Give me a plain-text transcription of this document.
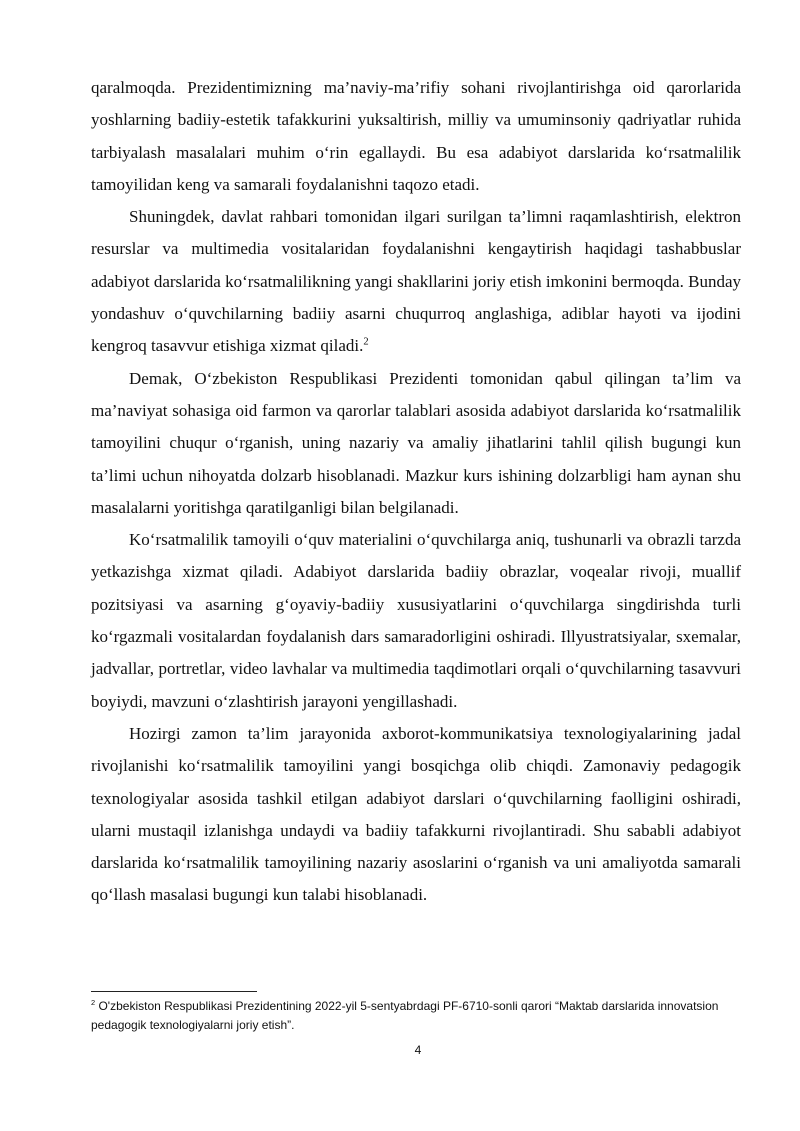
qaralmoqda. Prezidentimizning ma’naviy-ma’rifiy sohani rivojlantirishga oid qarorlarida yoshlarning badiiy-estetik tafakkurini yuksaltirish, milliy va umuminsoniy qadriyatlar ruhida tarbiyalash masalalari muhim o‘rin egallaydi. Bu esa adabiyot darslarida ko‘rsatmalilik tamoyilidan keng va samarali foydalanishni taqozo etadi.

Shuningdek, davlat rahbari tomonidan ilgari surilgan ta’limni raqamlashtirish, elektron resurslar va multimedia vositalaridan foydalanishni kengaytirish haqidagi tashabbuslar adabiyot darslarida ko‘rsatmalilikning yangi shakllarini joriy etish imkonini bermoqda. Bunday yondashuv o‘quvchilarning badiiy asarni chuqurroq anglashiga, adiblar hayoti va ijodini kengroq tasavvur etishiga xizmat qiladi.$^2$

Demak, O‘zbekiston Respublikasi Prezidenti tomonidan qabul qilingan ta’lim va ma’naviyat sohasiga oid farmon va qarorlar talablari asosida adabiyot darslarida ko‘rsatmalilik tamoyilini chuqur o‘rganish, uning nazariy va amaliy jihatlarini tahlil qilish bugungi kun ta’limi uchun nihoyatda dolzarb hisoblanadi. Mazkur kurs ishining dolzarbligi ham aynan shu masalalarni yoritishga qaratilganligi bilan belgilanadi.

Ko‘rsatmalilik tamoyili o‘quv materialini o‘quvchilarga aniq, tushunarli va obrazli tarzda yetkazishga xizmat qiladi. Adabiyot darslarida badiiy obrazlar, voqealar rivoji, muallif pozitsiyasi va asarning g‘oyaviy-badiiy xususiyatlarini o‘quvchilarga singdirishda turli ko‘rgazmali vositalardan foydalanish dars samaradorligini oshiradi. Illyustratsiyalar, sxemalar, jadvallar, portretlar, video lavhalar va multimedia taqdimotlari orqali o‘quvchilarning tasavvuri boyiydi, mavzuni o‘zlashtirish jarayoni yengillashadi.

Hozirgi zamon ta’lim jarayonida axborot-kommunikatsiya texnologiyalarining jadal rivojlanishi ko‘rsatmalilik tamoyilini yangi bosqichga olib chiqdi. Zamonaviy pedagogik texnologiyalar asosida tashkil etilgan adabiyot darslari o‘quvchilarning faolligini oshiradi, ularni mustaqil izlanishga undaydi va badiiy tafakkurni rivojlantiradi. Shu sababli adabiyot darslarida ko‘rsatmalilik tamoyilining nazariy asoslarini o‘rganish va uni amaliyotda samarali qo‘llash masalasi bugungi kun talabi hisoblanadi.

$^2$ O'zbekiston Respublikasi Prezidentining 2022-yil 5-sentyabrdagi PF-6710-sonli qarori “Maktab darslarida innovatsion pedagogik texnologiyalarni joriy etish”.
4
